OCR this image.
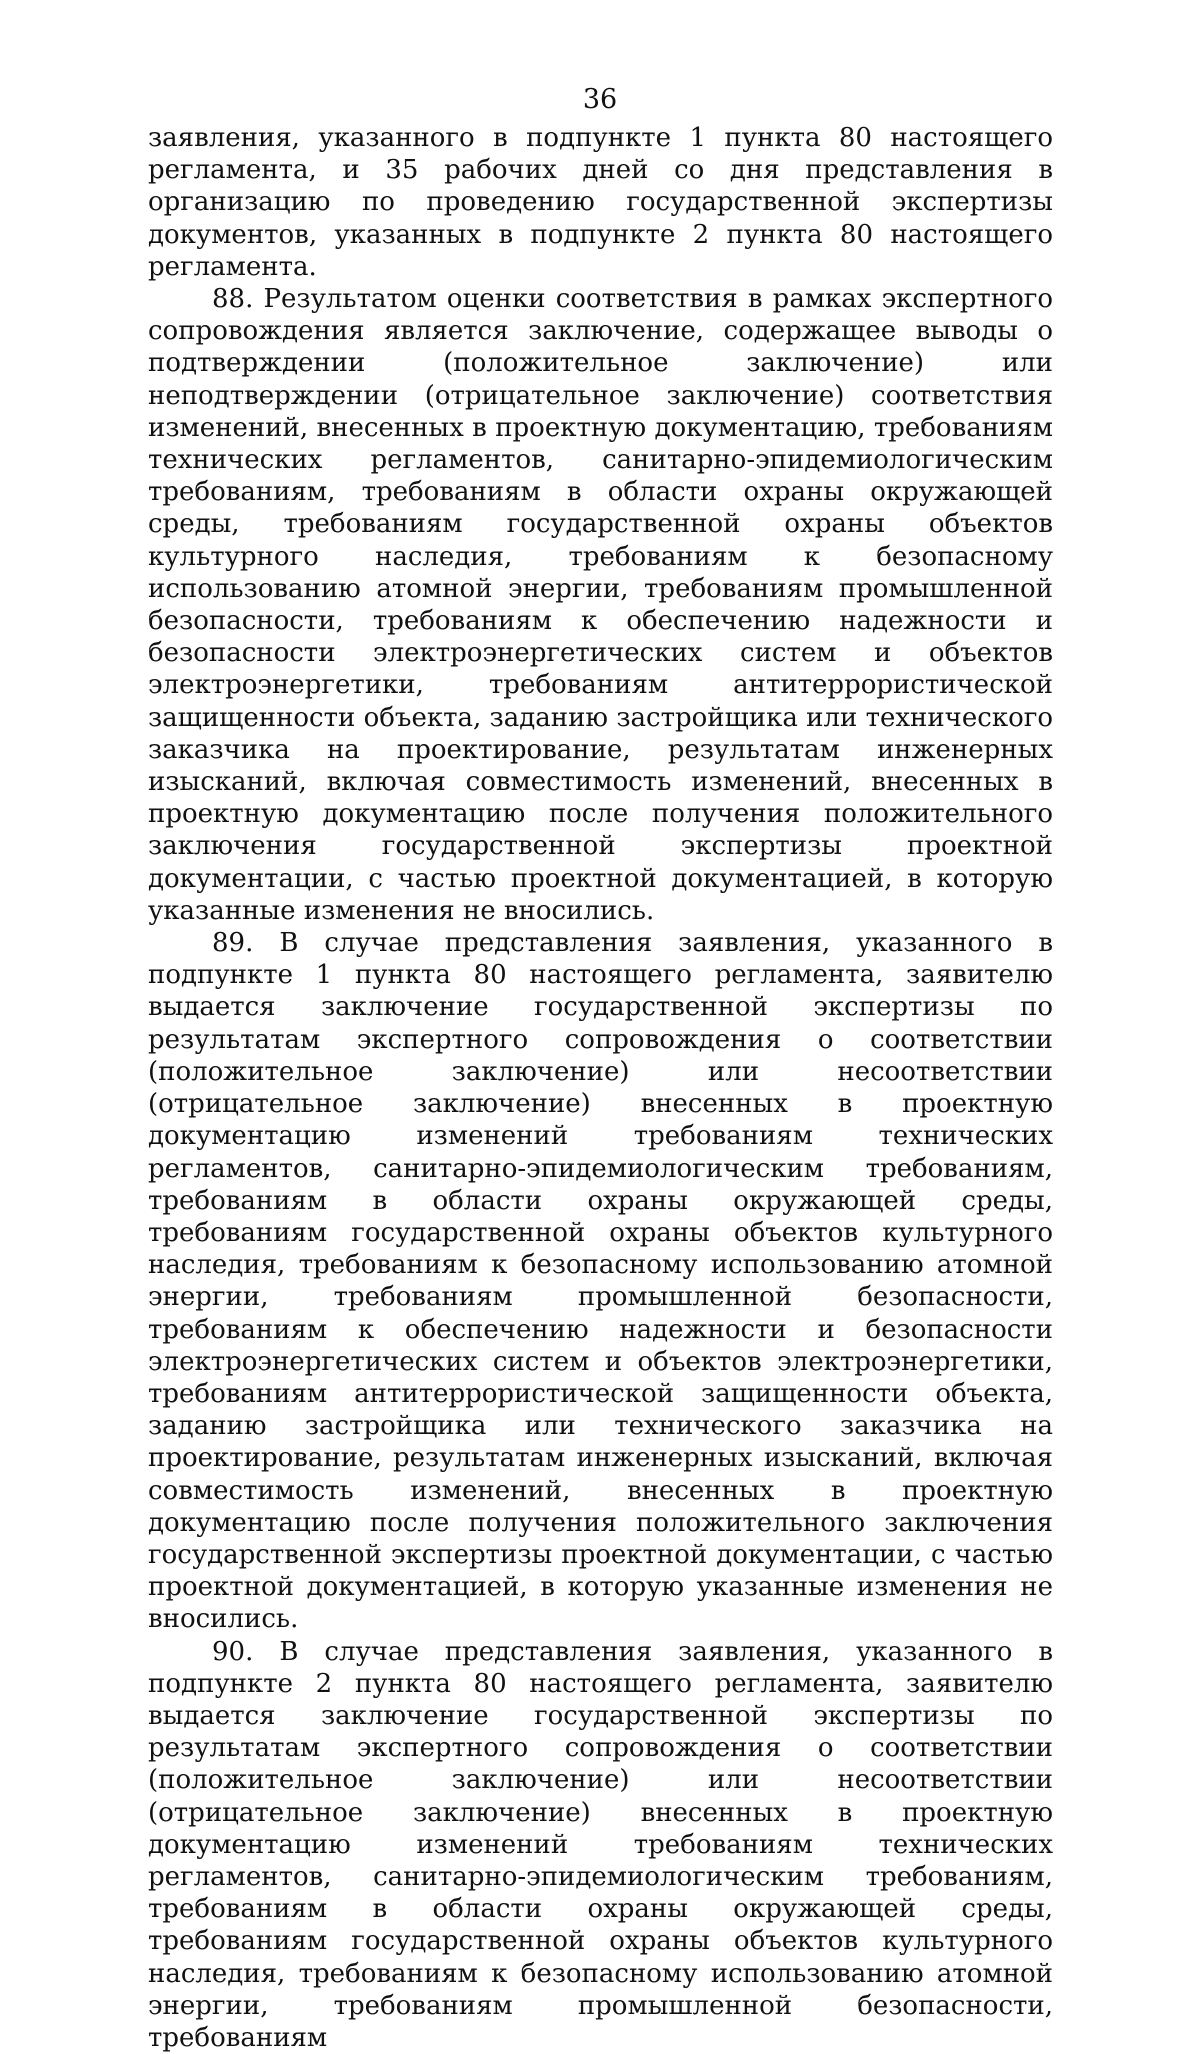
36

заявления, указанного в подпункте 1 пункта 80 настоящего регламента, и 35 рабочих дней со дня представления в организацию по проведению государственной экспертизы документов, указанных в подпункте 2 пункта 80 настоящего регламента.

88. Результатом оценки соответствия в рамках экспертного сопровождения является заключение, содержащее выводы о подтверждении (положительное заключение) или неподтверждении (отрицательное заключение) соответствия изменений, внесенных в проектную документацию, требованиям технических регламентов, санитарно-эпидемиологическим требованиям, требованиям в области охраны окружающей среды, требованиям государственной охраны объектов культурного наследия, требованиям к безопасному использованию атомной энергии, требованиям промышленной безопасности, требованиям к обеспечению надежности и безопасности электроэнергетических систем и объектов электроэнергетики, требованиям антитеррористической защищенности объекта, заданию застройщика или технического заказчика на проектирование, результатам инженерных изысканий, включая совместимость изменений, внесенных в проектную документацию после получения положительного заключения государственной экспертизы проектной документации, с частью проектной документацией, в которую указанные изменения не вносились.

89. В случае представления заявления, указанного в подпункте 1 пункта 80 настоящего регламента, заявителю выдается заключение государственной экспертизы по результатам экспертного сопровождения о соответствии (положительное заключение) или несоответствии (отрицательное заключение) внесенных в проектную документацию изменений требованиям технических регламентов, санитарно-эпидемиологическим требованиям, требованиям в области охраны окружающей среды, требованиям государственной охраны объектов культурного наследия, требованиям к безопасному использованию атомной энергии, требованиям промышленной безопасности, требованиям к обеспечению надежности и безопасности электроэнергетических систем и объектов электроэнергетики, требованиям антитеррористической защищенности объекта, заданию застройщика или технического заказчика на проектирование, результатам инженерных изысканий, включая совместимость изменений, внесенных в проектную документацию после получения положительного заключения государственной экспертизы проектной документации, с частью проектной документацией, в которую указанные изменения не вносились.

90. В случае представления заявления, указанного в подпункте 2 пункта 80 настоящего регламента, заявителю выдается заключение государственной экспертизы по результатам экспертного сопровождения о соответствии (положительное заключение) или несоответствии (отрицательное заключение) внесенных в проектную документацию изменений требованиям технических регламентов, санитарно-эпидемиологическим требованиям, требованиям в области охраны окружающей среды, требованиям государственной охраны объектов культурного наследия, требованиям к безопасному использованию атомной энергии, требованиям промышленной безопасности, требованиям
